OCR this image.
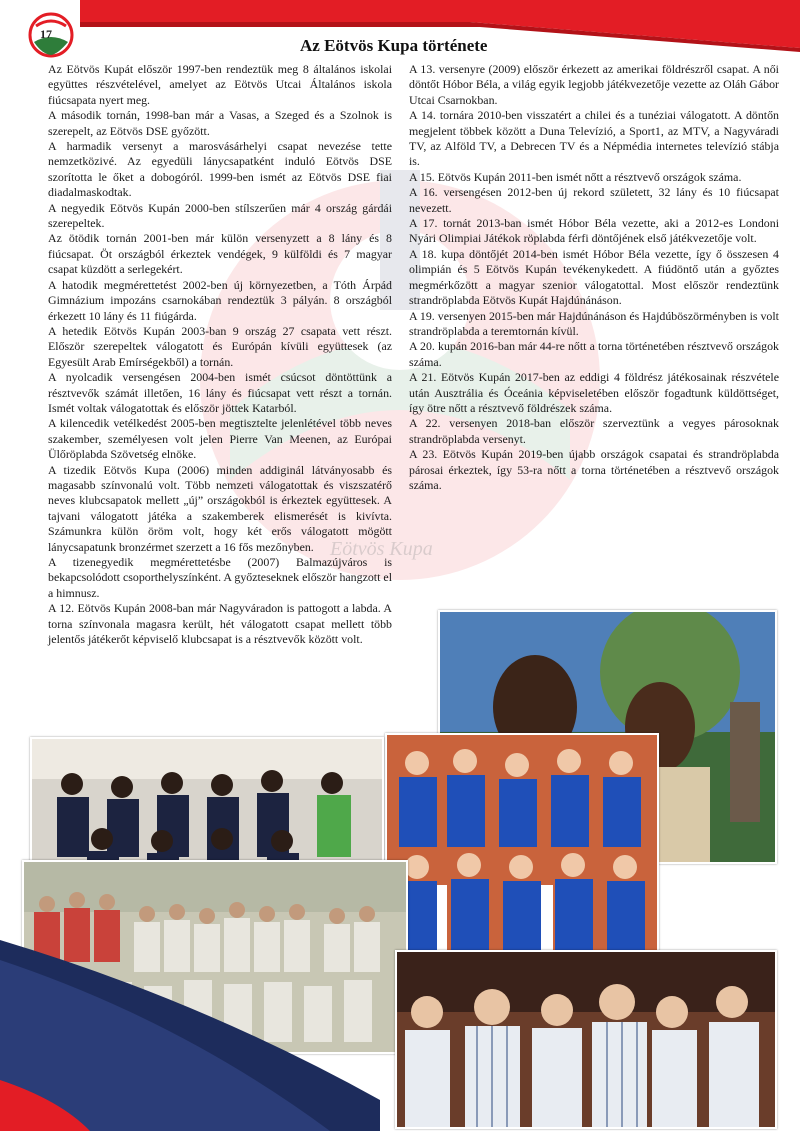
Eötvös Kupa
17
Az Eötvös Kupa története

Az Eötvös Kupát először 1997-ben rendeztük meg 8 általános iskolai együttes részvételével, amelyet az Eötvös Utcai Általános iskola fiúcsapata nyert meg.

A második tornán, 1998-ban már a Vasas, a Szeged és a Szolnok is szerepelt, az Eötvös DSE győzött.

A harmadik versenyt a marosvásárhelyi csapat nevezése tette nemzetközivé. Az egyedüli lánycsapatként induló Eötvös DSE szorította le őket a dobogóról. 1999-ben ismét az Eötvös DSE fiai diadalmaskodtak.

A negyedik Eötvös Kupán 2000-ben stílszerűen már 4 ország gárdái szerepeltek.

Az ötödik tornán 2001-ben már külön versenyzett a 8 lány és 8 fiúcsapat. Öt országból érkeztek vendégek, 9 külföldi és 7 magyar csapat küzdött a serlegekért.

A hatodik megmérettetést 2002-ben új környezetben, a Tóth Árpád Gimnázium impozáns csarnokában rendeztük 3 pályán. 8 országból érkezett 10 lány és 11 fiúgárda.

A hetedik Eötvös Kupán 2003-ban 9 ország 27 csapata vett részt. Először szerepeltek válogatott és Európán kívüli együttesek (az Egyesült Arab Emírségekből) a tornán.

A nyolcadik versengésen 2004-ben ismét csúcsot döntöttünk a résztvevők számát illetően, 16 lány és fiúcsapat vett részt a tornán. Ismét voltak válogatottak és először jöttek Katarból.

A kilencedik vetélkedést 2005-ben megtisztelte jelenlétével több neves szakember, személyesen volt jelen Pierre Van Meenen, az Európai Ülőröplabda Szövetség elnöke.

A tizedik Eötvös Kupa (2006) minden addiginál látványosabb és magasabb színvonalú volt. Több nemzeti válogatottak és viszszatérő neves klubcsapatok mellett „új” országokból is érkeztek együttesek. A tajvani válogatott játéka a szakemberek elismerését is kivívta. Számunkra külön öröm volt, hogy két erős válogatott mögött lánycsapatunk bronzérmet szerzett a 16 fős mezőnyben.

A tizenegyedik megmérettetésbe (2007) Balmazújváros is bekapcsolódott csoporthelyszínként. A győzteseknek először hangzott el a himnusz.

A 12. Eötvös Kupán 2008-ban már Nagyváradon is pattogott a labda. A torna színvonala magasra került, hét válogatott csapat mellett több jelentős játékerőt képviselő klubcsapat is a résztvevők között volt.

A 13. versenyre (2009) először érkezett az amerikai földrészről csapat. A női döntőt Hóbor Béla, a világ egyik legjobb játékvezetője vezette az Oláh Gábor Utcai Csarnokban.

A 14. tornára 2010-ben visszatért a chilei és a tunéziai válogatott. A döntőn megjelent többek között a Duna Televízió, a Sport1, az MTV, a Nagyváradi TV, az Alföld TV, a Debrecen TV és a Népmédia internetes televízió stábja is.

A 15. Eötvös Kupán 2011-ben ismét nőtt a résztvevő országok száma.

A 16. versengésen 2012-ben új rekord született, 32 lány és 10 fiúcsapat nevezett.

A 17. tornát 2013-ban ismét Hóbor Béla vezette, aki a 2012-es Londoni Nyári Olimpiai Játékok röplabda férfi döntőjének első játékvezetője volt.

A 18. kupa döntőjét 2014-ben ismét Hóbor Béla vezette, így ő összesen 4 olimpián és 5 Eötvös Kupán tevékenykedett. A fiúdöntő után a győztes megmérkőzött a magyar szenior válogatottal. Most először rendeztünk strandröplabda Eötvös Kupát Hajdúnánáson.

A 19. versenyen 2015-ben már Hajdúnánáson és Hajdúböszörményben is volt strandröplabda a teremtornán kívül.

A 20. kupán 2016-ban már 44-re nőtt a torna történetében résztvevő országok száma.

A 21. Eötvös Kupán 2017-ben az eddigi 4 földrész játékosainak részvétele után Ausztrália és Óceánia képviseletében először fogadtunk küldöttséget, így ötre nőtt a résztvevő földrészek száma.

A 22. versenyen 2018-ban először szerveztünk a vegyes párosoknak strandröplabda versenyt.

A 23. Eötvös Kupán 2019-ben újabb országok csapatai és strandröplabda párosai érkeztek, így 53-ra nőtt a torna történetében a résztvevő országok száma.
